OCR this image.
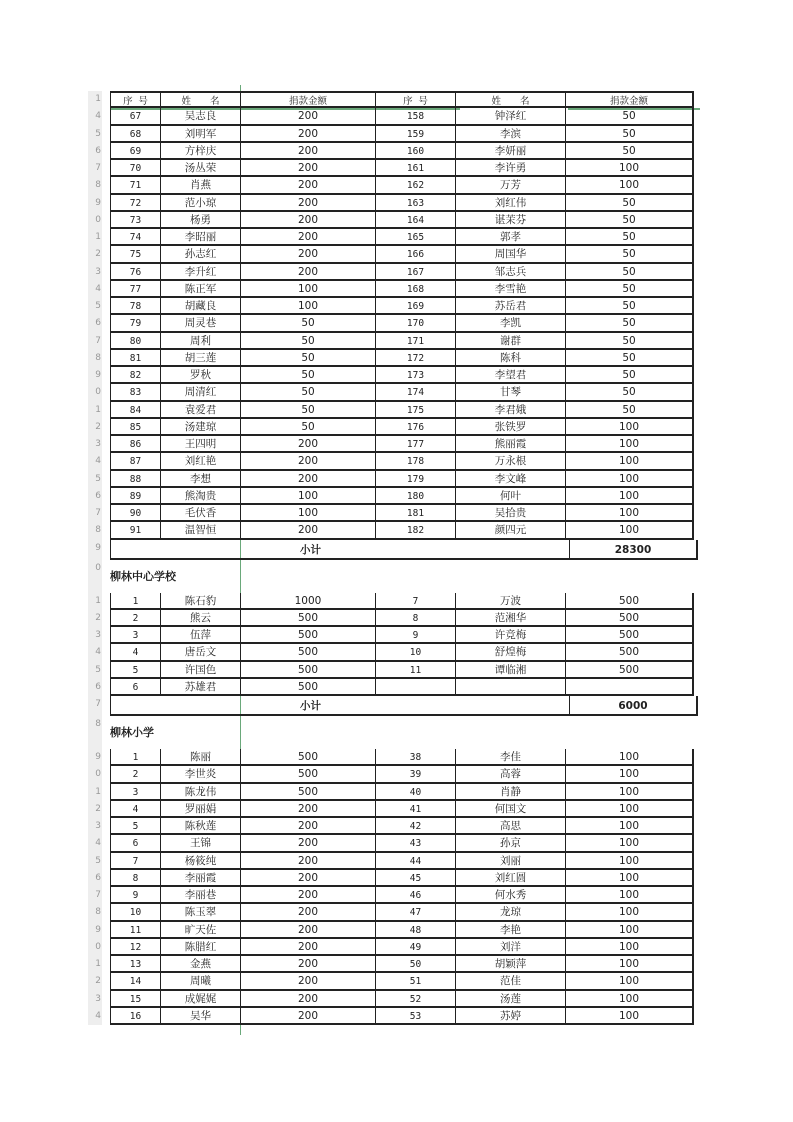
1	序 号	姓　　名	捐款金额	序 号	姓　　名	捐款金额
4	67	吴志良	200	158	钟泽红	50
5	68	刘明军	200	159	李滨	50
6	69	方梓庆	200	160	李妍丽	50
7	70	汤丛荣	200	161	李许勇	100
8	71	肖燕	200	162	万芳	100
9	72	范小琼	200	163	刘红伟	50
0	73	杨勇	200	164	谌茉芬	50
1	74	李昭丽	200	165	郭孝	50
2	75	孙志红	200	166	周国华	50
3	76	李升红	200	167	邹志兵	50
4	77	陈正军	100	168	李雪艳	50
5	78	胡藏良	100	169	苏岳君	50
6	79	周灵巷	50	170	李凯	50
7	80	周利	50	171	谢群	50
8	81	胡三莲	50	172	陈科	50
9	82	罗秋	50	173	李望君	50
0	83	周清红	50	174	甘琴	50
1	84	袁爱君	50	175	李君娥	50
2	85	汤建琼	50	176	张铁罗	100
3	86	王四明	200	177	熊丽霞	100
4	87	刘红艳	200	178	万永根	100
5	88	李想	200	179	李文峰	100
6	89	熊淘贵	100	180	何叶	100
7	90	毛伏香	100	181	吴拾贵	100
8	91	温智恒	200	182	颜四元	100
9	小计	28300
0
柳林中心学校
1	1	陈石豹	1000	7	万波	500
2	2	熊云	500	8	范湘华	500
3	3	伍萍	500	9	许竞梅	500
4	4	唐岳文	500	10	舒煌梅	500
5	5	许国色	500	11	谭临湘	500
6	6	苏雄君	500
7	小计	6000
8
柳林小学
9	1	陈丽	500	38	李佳	100
0	2	李世炎	500	39	高蓉	100
1	3	陈龙伟	500	40	肖静	100
2	4	罗丽娟	200	41	何国文	100
3	5	陈秋莲	200	42	高思	100
4	6	王锦	200	43	孙京	100
5	7	杨筱纯	200	44	刘丽	100
6	8	李丽霞	200	45	刘红圆	100
7	9	李丽巷	200	46	何水秀	100
8	10	陈玉翠	200	47	龙琼	100
9	11	旷天佐	200	48	李艳	100
0	12	陈腊红	200	49	刘洋	100
1	13	金燕	200	50	胡颖萍	100
2	14	周曦	200	51	范佳	100
3	15	成娓娓	200	52	汤莲	100
4	16	吴华	200	53	苏婷	100
